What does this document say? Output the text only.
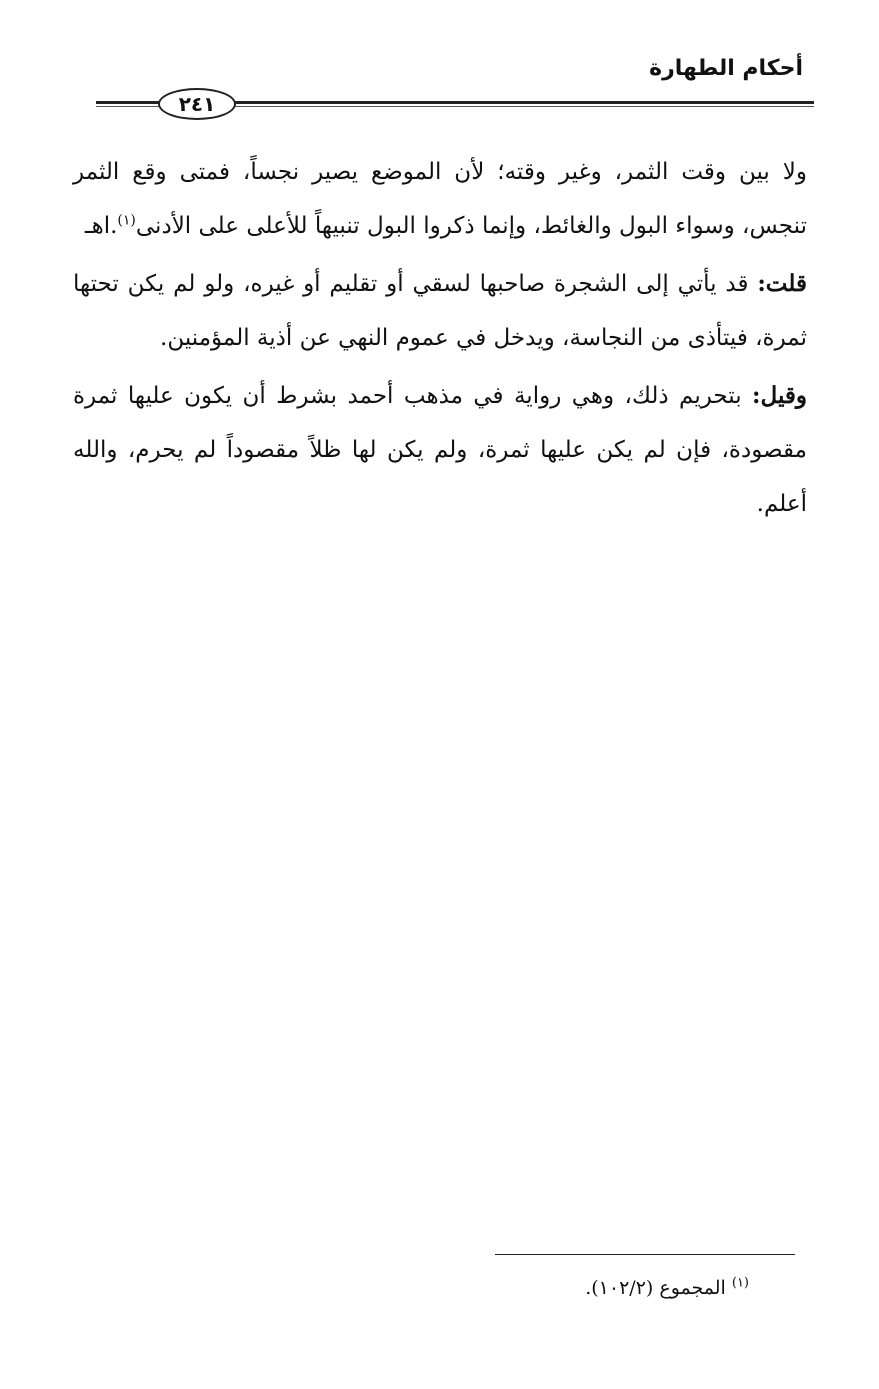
أحكام الطهارة
٢٤١

ولا بين وقت الثمر، وغير وقته؛ لأن الموضع يصير نجساً، فمتى وقع الثمر تنجس، وسواء البول والغائط، وإنما ذكروا البول تنبيهاً للأعلى على الأدنى$^{(١)}$.اهـ

قلت: قد يأتي إلى الشجرة صاحبها لسقي أو تقليم أو غيره، ولو لم يكن تحتها ثمرة، فيتأذى من النجاسة، ويدخل في عموم النهي عن أذية المؤمنين.

وقيل: بتحريم ذلك، وهي رواية في مذهب أحمد بشرط أن يكون عليها ثمرة مقصودة، فإن لم يكن عليها ثمرة، ولم يكن لها ظلاً مقصوداً لم يحرم، والله أعلم.

$^{(١)}$ المجموع (١٠٢/٢).
